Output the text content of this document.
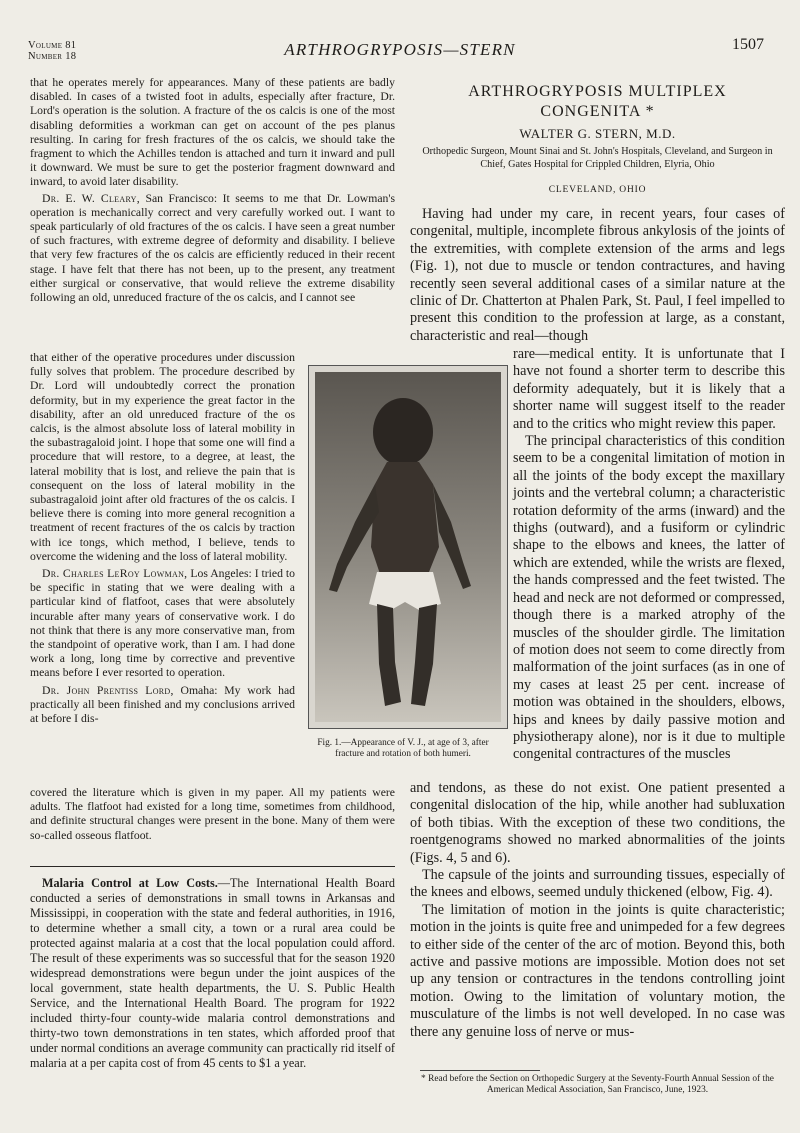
Volume 81
Number 18	ARTHROGRYPOSIS—STERN	1507

that he operates merely for appearances. Many of these patients are badly disabled. In cases of a twisted foot in adults, especially after fracture, Dr. Lord's operation is the solution. A fracture of the os calcis is one of the most disabling deformities a workman can get on account of the pes planus resulting. In caring for fresh fractures of the os calcis, we should take the fragment to which the Achilles tendon is attached and turn it inward and pull it downward. We must be sure to get the posterior fragment downward and inward, to avoid later disability.

Dr. E. W. Cleary, San Francisco: It seems to me that Dr. Lowman's operation is mechanically correct and very carefully worked out. I want to speak particularly of old fractures of the os calcis. I have seen a great number of such fractures, with extreme degree of deformity and disability. I believe that very few fractures of the os calcis are efficiently reduced in their recent stage. I have felt that there has not been, up to the present, any treatment either surgical or conservative, that would relieve the extreme disability following an old, unreduced fracture of the os calcis, and I cannot see

that either of the operative procedures under discussion fully solves that problem. The procedure described by Dr. Lord will undoubtedly correct the pronation deformity, but in my experience the great factor in the disability, after an old unreduced fracture of the os calcis, is the almost absolute loss of lateral mobility in the subastragaloid joint. I hope that some one will find a procedure that will restore, to a degree, at least, the lateral mobility that is lost, and relieve the pain that is consequent on the loss of lateral mobility in the subastragaloid joint after old fractures of the os calcis. I believe there is coming into more general recognition a treatment of recent fractures of the os calcis by traction with ice tongs, which method, I believe, tends to overcome the widening and the loss of lateral mobility.

Dr. Charles LeRoy Lowman, Los Angeles: I tried to be specific in stating that we were dealing with a particular kind of flatfoot, cases that were absolutely incurable after many years of conservative work. I do not think that there is any more conservative man, from the standpoint of operative work, than I am. I had done work a long, long time by corrective and preventive means before I ever resorted to operation.

Dr. John Prentiss Lord, Omaha: My work had practically all been finished and my conclusions arrived at before I dis-

covered the literature which is given in my paper. All my patients were adults. The flatfoot had existed for a long time, sometimes from childhood, and definite structural changes were present in the bone. Many of them were so-called osseous flatfoot.

Malaria Control at Low Costs.—The International Health Board conducted a series of demonstrations in small towns in Arkansas and Mississippi, in cooperation with the state and federal authorities, in 1916, to determine whether a small city, a town or a rural area could be protected against malaria at a cost that the local population could afford. The result of these experiments was so successful that for the season 1920 widespread demonstrations were begun under the joint auspices of the local government, state health departments, the U. S. Public Health Service, and the International Health Board. The program for 1922 included thirty-four county-wide malaria control demonstrations and thirty-two town demonstrations in ten states, which afforded proof that under normal conditions an average community can practically rid itself of malaria at a per capita cost of from 45 cents to $1 a year.

Fig. 1.—Appearance of V. J., at age of 3, after fracture and rotation of both humeri.
ARTHROGRYPOSIS MULTIPLEX
CONGENITA *
WALTER G. STERN, M.D.
Orthopedic Surgeon, Mount Sinai and St. John's Hospitals, Cleveland, and Surgeon in Chief, Gates Hospital for Crippled Children, Elyria, Ohio
CLEVELAND, OHIO

Having had under my care, in recent years, four cases of congenital, multiple, incomplete fibrous ankylosis of the joints of the extremities, with complete extension of the arms and legs (Fig. 1), not due to muscle or tendon contractures, and having recently seen several additional cases of a similar nature at the clinic of Dr. Chatterton at Phalen Park, St. Paul, I feel impelled to present this condition to the profession at large, as a constant, characteristic and real—though

rare—medical entity. It is unfortunate that I have not found a shorter term to describe this deformity adequately, but it is likely that a shorter name will suggest itself to the reader and to the critics who might review this paper.

The principal characteristics of this condition seem to be a congenital limitation of motion in all the joints of the body except the maxillary joints and the vertebral column; a characteristic rotation deformity of the arms (inward) and the thighs (outward), and a fusiform or cylindric shape to the elbows and knees, the latter of which are extended, while the wrists are flexed, the hands compressed and the feet twisted. The head and neck are not deformed or compressed, though there is a marked atrophy of the muscles of the shoulder girdle. The limitation of motion does not seem to come directly from malformation of the joint surfaces (as in one of my cases at least 25 per cent. increase of motion was obtained in the shoulders, elbows, hips and knees by daily passive motion and physiotherapy alone), nor is it due to multiple congenital contractures of the muscles

and tendons, as these do not exist. One patient presented a congenital dislocation of the hip, while another had subluxation of both tibias. With the exception of these two conditions, the roentgenograms showed no marked abnormalities of the joints (Figs. 4, 5 and 6).

The capsule of the joints and surrounding tissues, especially of the knees and elbows, seemed unduly thickened (elbow, Fig. 4).

The limitation of motion in the joints is quite characteristic; motion in the joints is quite free and unimpeded for a few degrees to either side of the center of the arc of motion. Beyond this, both active and passive motions are impossible. Motion does not set up any tension or contractures in the tendons controlling joint motion. Owing to the limitation of voluntary motion, the musculature of the limbs is not well developed. In no case was there any genuine loss of nerve or mus-

* Read before the Section on Orthopedic Surgery at the Seventy-Fourth Annual Session of the American Medical Association, San Francisco, June, 1923.
